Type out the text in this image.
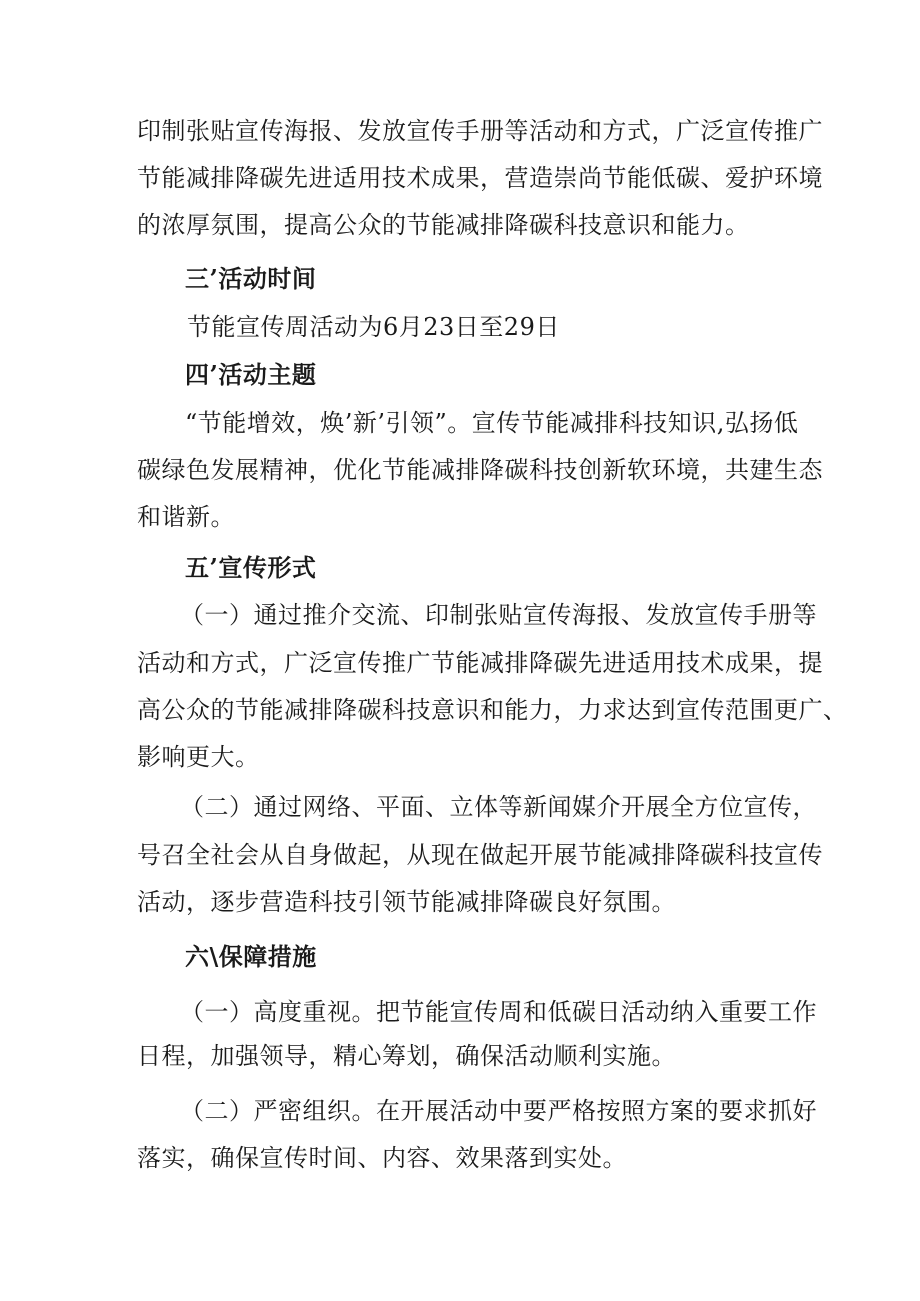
印制张贴宣传海报、发放宣传手册等活动和方式，广泛宣传推广
节能减排降碳先进适用技术成果，营造崇尚节能低碳、爱护环境
的浓厚氛围，提高公众的节能减排降碳科技意识和能力。
三’活动时间
节能宣传周活动为6月23日至29日
四’活动主题
“节能增效，焕’新’引领”。宣传节能减排科技知识,弘扬低
碳绿色发展精神，优化节能减排降碳科技创新软环境，共建生态
和谐新。
五’宣传形式
（一）通过推介交流、印制张贴宣传海报、发放宣传手册等
活动和方式，广泛宣传推广节能减排降碳先进适用技术成果，提
高公众的节能减排降碳科技意识和能力，力求达到宣传范围更广、
影响更大。
（二）通过网络、平面、立体等新闻媒介开展全方位宣传，
号召全社会从自身做起，从现在做起开展节能减排降碳科技宣传
活动，逐步营造科技引领节能减排降碳良好氛围。
六\保障措施
（一）高度重视。把节能宣传周和低碳日活动纳入重要工作
日程，加强领导，精心筹划，确保活动顺利实施。
（二）严密组织。在开展活动中要严格按照方案的要求抓好
落实，确保宣传时间、内容、效果落到实处。
